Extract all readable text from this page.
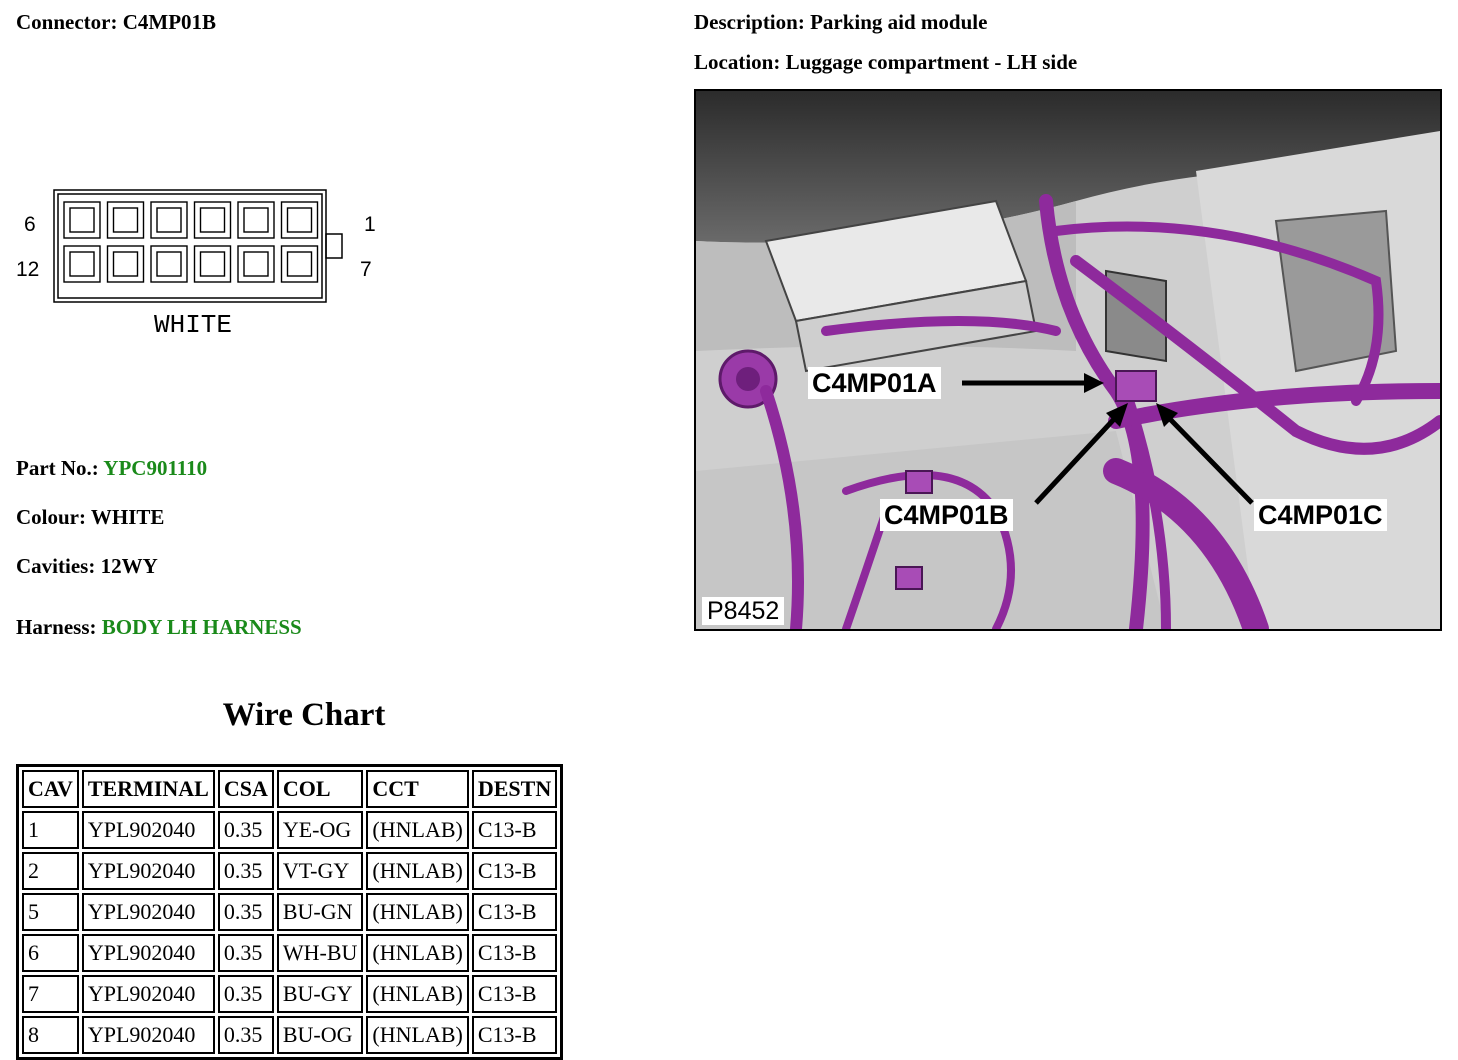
Connector: C4MP01B	Description: Parking aid module
Location: Luggage compartment - LH side
6	1
12	7
WHITE
Part No.: YPC901110
Colour: WHITE
Cavities: 12WY
Harness: BODY LH HARNESS
C4MP01A
C4MP01B	C4MP01C
P8452
Wire Chart
CAV	TERMINAL	CSA	COL	CCT	DESTN
1	YPL902040	0.35	YE-OG	(HNLAB)	C13-B
2	YPL902040	0.35	VT-GY	(HNLAB)	C13-B
5	YPL902040	0.35	BU-GN	(HNLAB)	C13-B
6	YPL902040	0.35	WH-BU	(HNLAB)	C13-B
7	YPL902040	0.35	BU-GY	(HNLAB)	C13-B
8	YPL902040	0.35	BU-OG	(HNLAB)	C13-B
